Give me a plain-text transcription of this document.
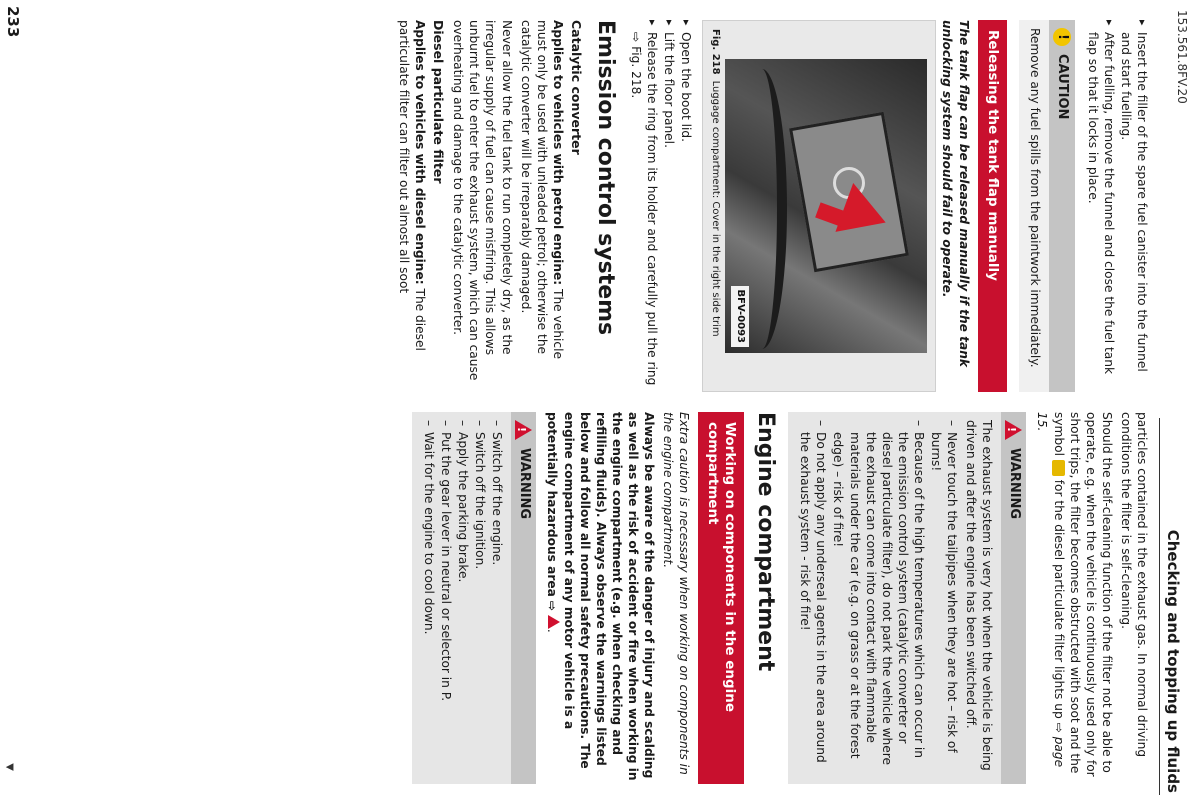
153.561.8FV.20
Checking and topping up fluids
233
▼
▸ Insert the filler of the spare fuel canister into the funnel and start fuelling.
▸ After fuelling, remove the funnel and close the fuel tank flap so that it locks in place.
!
CAUTION
Remove any fuel spills from the paintwork immediately.
Releasing the tank flap manually

The tank flap can be released manually if the tank unlocking system should fail to operate.

BFV-0093
Fig. 218Luggage compartment: Cover in the right side trim
▸ Open the boot lid.
▸ Lift the floor panel.
▸ Release the ring from its holder and carefully pull the ring ⇨ Fig. 218.
Emission control systems
Catalytic converter

Applies to vehicles with petrol engine: The vehicle must only be used with unleaded petrol; otherwise the catalytic converter will be irreparably damaged.

Never allow the fuel tank to run completely dry, as the irregular supply of fuel can cause misfiring. This allows unburnt fuel to enter the exhaust system, which can cause overheating and damage to the catalytic converter.

Diesel particulate filter

Applies to vehicles with diesel engine: The diesel particulate filter can filter out almost all soot

particles contained in the exhaust gas. In normal driving conditions the filter is self-cleaning.

Should the self-cleaning function of the filter not be able to operate, e.g. when the vehicle is continuously used only for short trips, the filter becomes obstructed with soot and the symbol  for the diesel particulate filter lights up ⇨ page 15.

!
WARNING

The exhaust system is very hot when the vehicle is being driven and after the engine has been switched off.

– Never touch the tailpipes when they are hot – risk of burns!
– Because of the high temperatures which can occur in the emission control system (catalytic converter or diesel particulate filter), do not park the vehicle where the exhaust can come into contact with flammable materials under the car (e.g. on grass or at the forest edge) – risk of fire!
– Do not apply any underseal agents in the area around the exhaust system - risk of fire!
Engine compartment
Working on components in the engine compartment

Extra caution is necessary when working on components in the engine compartment.

Always be aware of the danger of injury and scalding as well as the risk of accident or fire when working in the engine compartment (e.g. when checking and refilling fluids). Always observe the warnings listed below and follow all normal safety precautions. The engine compartment of any motor vehicle is a potentially hazardous area ⇨ .

!
WARNING
– Switch off the engine.
– Switch off the ignition.
– Apply the parking brake.
– Put the gear lever in neutral or selector in P.
– Wait for the engine to cool down.
